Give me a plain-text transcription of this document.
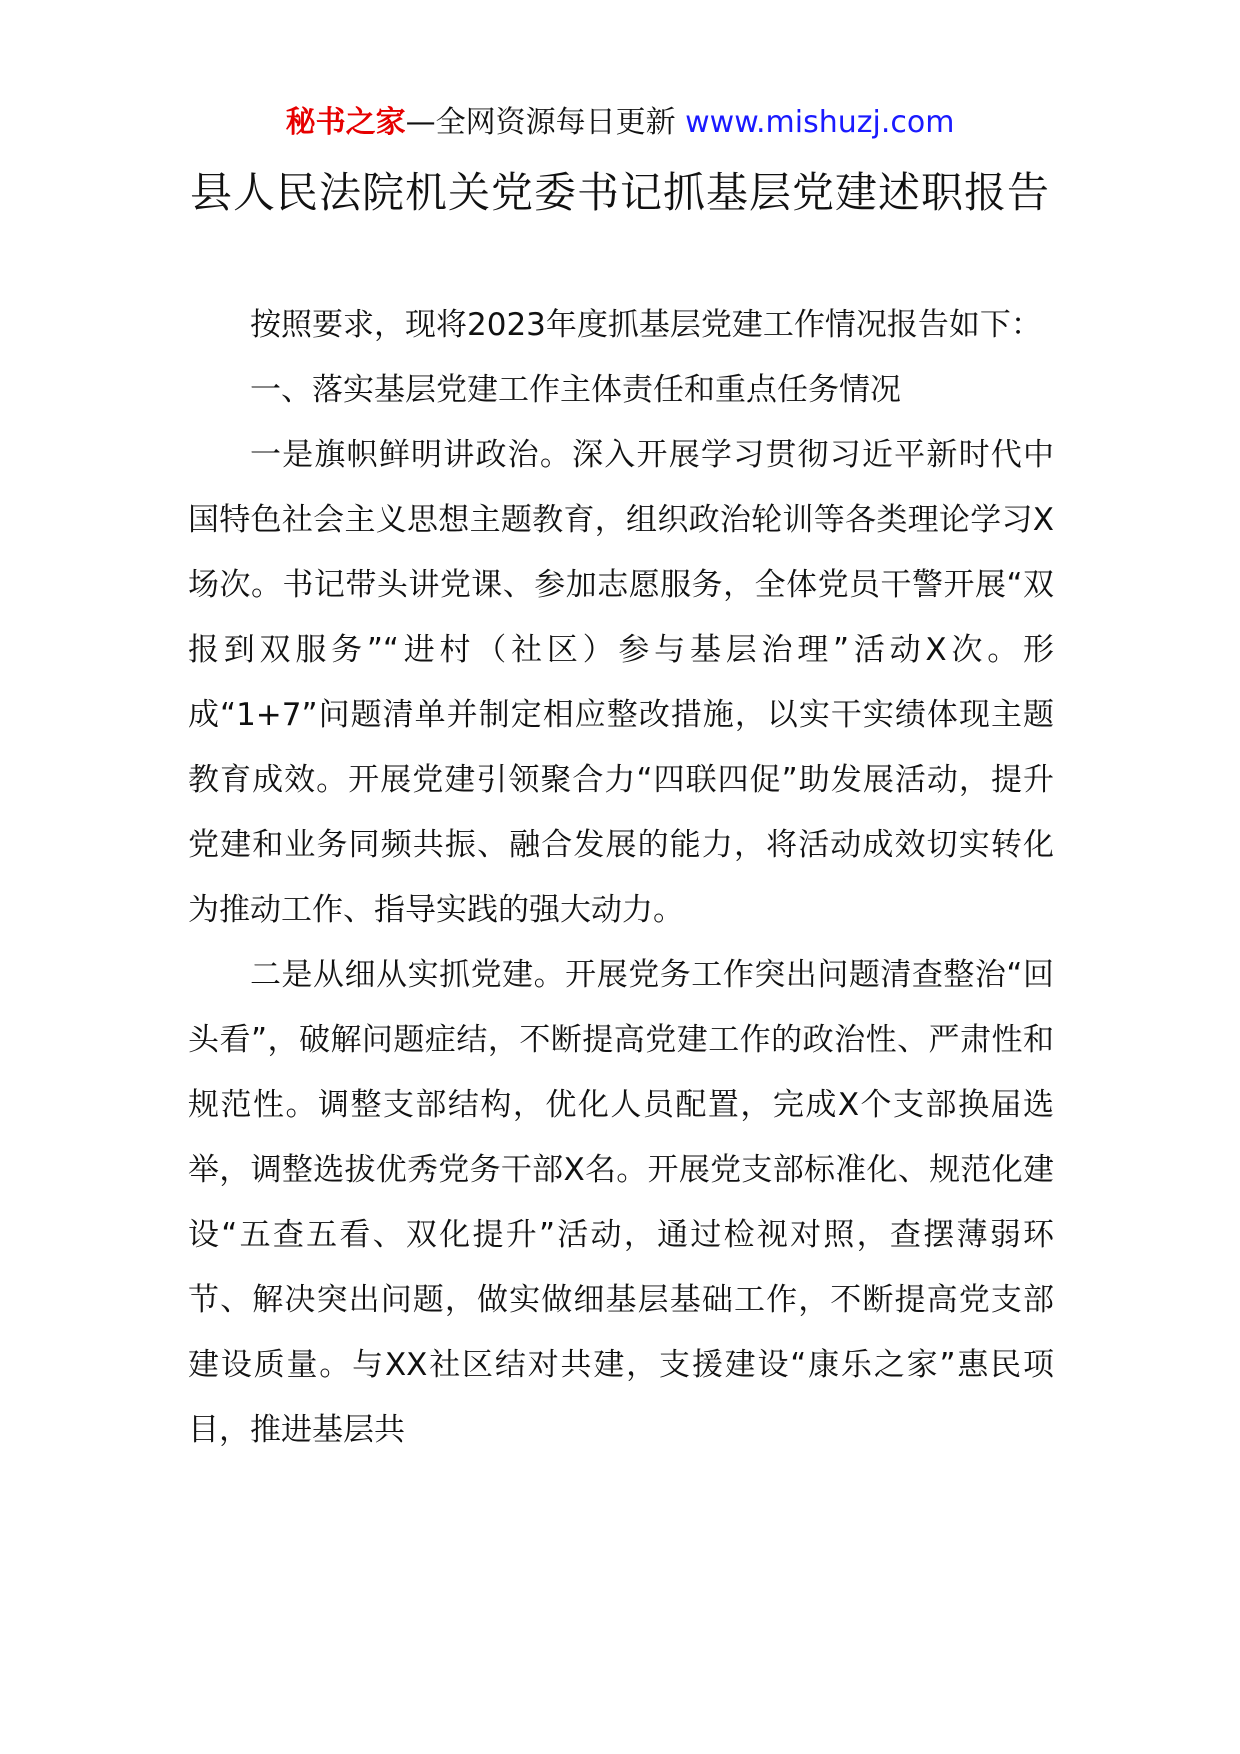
秘书之家—全网资源每日更新 www.mishuzj.com
县人民法院机关党委书记抓基层党建述职报告

按照要求，现将2023年度抓基层党建工作情况报告如下：

一、落实基层党建工作主体责任和重点任务情况

一是旗帜鲜明讲政治。深入开展学习贯彻习近平新时代中国特色社会主义思想主题教育，组织政治轮训等各类理论学习X场次。书记带头讲党课、参加志愿服务，全体党员干警开展“双报到双服务”“进村（社区）参与基层治理”活动X次。形成“1+7”问题清单并制定相应整改措施，以实干实绩体现主题教育成效。开展党建引领聚合力“四联四促”助发展活动，提升党建和业务同频共振、融合发展的能力，将活动成效切实转化为推动工作、指导实践的强大动力。

二是从细从实抓党建。开展党务工作突出问题清查整治“回头看”，破解问题症结，不断提高党建工作的政治性、严肃性和规范性。调整支部结构，优化人员配置，完成X个支部换届选举，调整选拔优秀党务干部X名。开展党支部标准化、规范化建设“五查五看、双化提升”活动，通过检视对照，查摆薄弱环节、解决突出问题，做实做细基层基础工作，不断提高党支部建设质量。与XX社区结对共建，支援建设“康乐之家”惠民项目，推进基层共
